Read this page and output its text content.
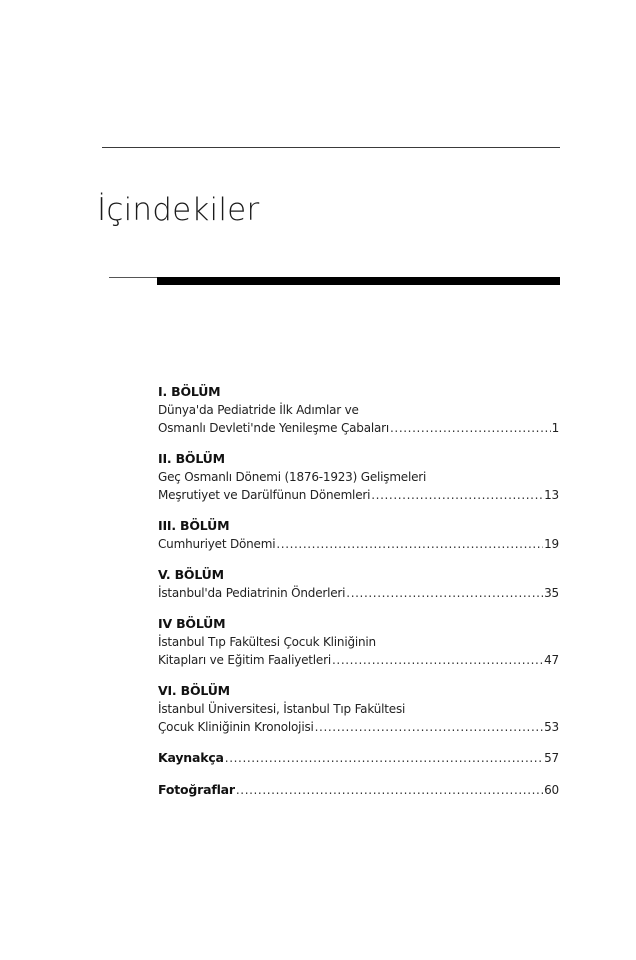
İçindekiler
I. BÖLÜM
Dünya'da Pediatride İlk Adımlar ve
Osmanlı Devleti'nde Yenileşme Çabaları .....	1
II. BÖLÜM
Geç Osmanlı Dönemi (1876-1923) Gelişmeleri
Meşrutiyet ve Darülfünun Dönemleri .....	13
III. BÖLÜM
Cumhuriyet Dönemi .....	19
V. BÖLÜM
İstanbul'da Pediatrinin Önderleri .....	35
IV BÖLÜM
İstanbul Tıp Fakültesi Çocuk Kliniğinin
Kitapları ve Eğitim Faaliyetleri .....	47
VI. BÖLÜM
İstanbul Üniversitesi, İstanbul Tıp Fakültesi
Çocuk Kliniğinin Kronolojisi .....	53
Kaynakça .....	57
Fotoğraflar .....	60
